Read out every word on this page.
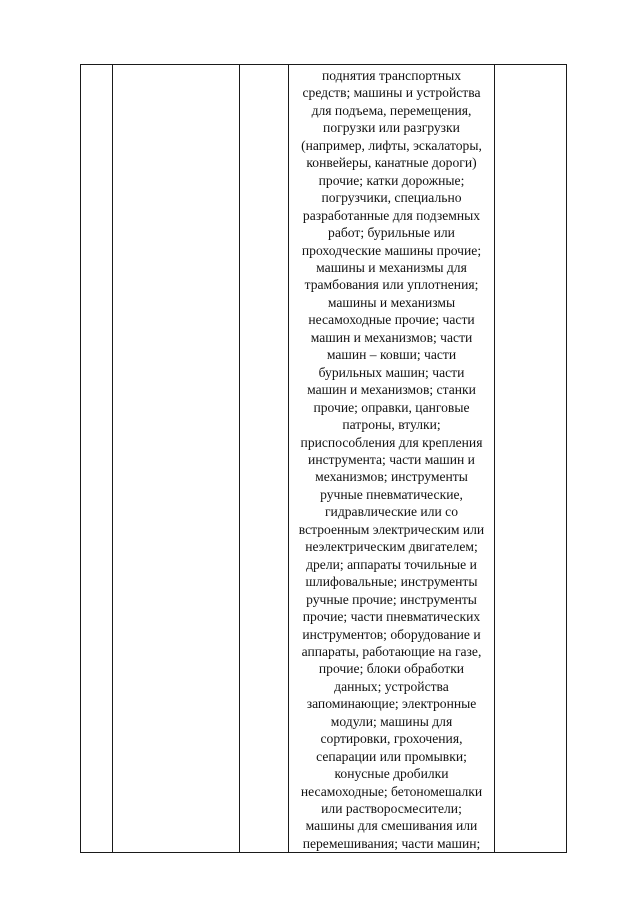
поднятия транспортных
средств; машины и устройства
для подъема, перемещения,
погрузки или разгрузки
(например, лифты, эскалаторы,
конвейеры, канатные дороги)
прочие; катки дорожные;
погрузчики, специально
разработанные для подземных
работ; бурильные или
проходческие машины прочие;
машины и механизмы для
трамбования или уплотнения;
машины и механизмы
несамоходные прочие; части
машин и механизмов; части
машин – ковши; части
бурильных машин; части
машин и механизмов; станки
прочие; оправки, цанговые
патроны, втулки;
приспособления для крепления
инструмента; части машин и
механизмов; инструменты
ручные пневматические,
гидравлические или со
встроенным электрическим или
неэлектрическим двигателем;
дрели; аппараты точильные и
шлифовальные; инструменты
ручные прочие; инструменты
прочие; части пневматических
инструментов; оборудование и
аппараты, работающие на газе,
прочие; блоки обработки
данных; устройства
запоминающие; электронные
модули; машины для
сортировки, грохочения,
сепарации или промывки;
конусные дробилки
несамоходные; бетономешалки
или растворосмесители;
машины для смешивания или
перемешивания; части машин;
